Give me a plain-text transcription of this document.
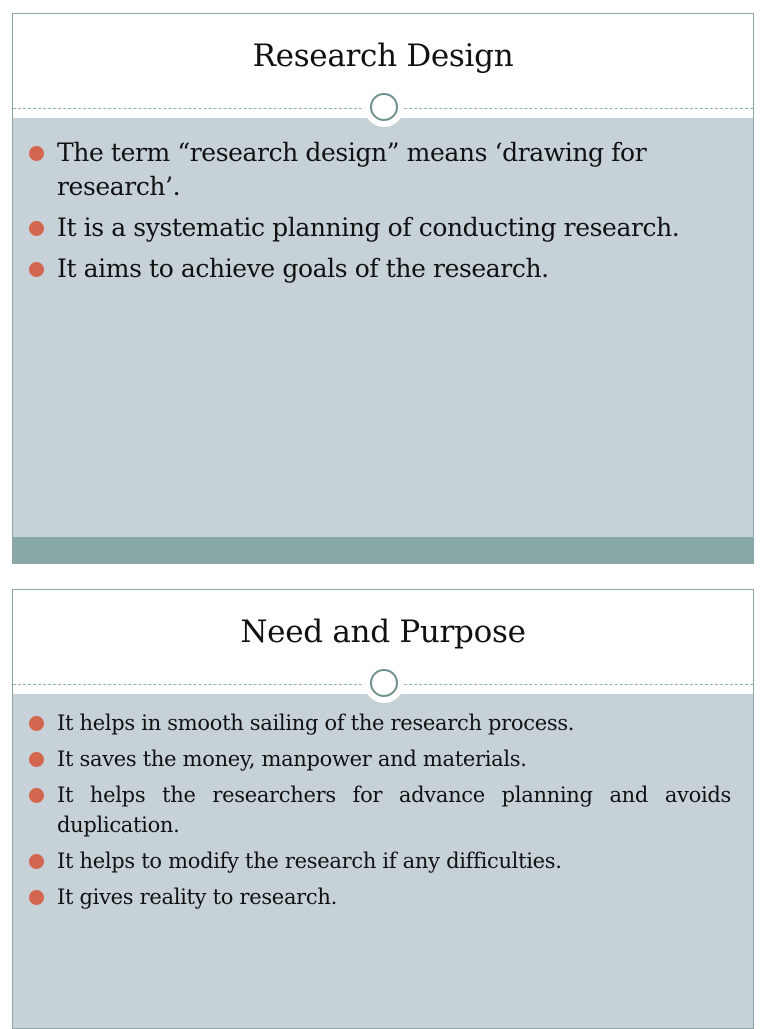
Research Design
The term “research design” means ‘drawing for research’.
It is a systematic planning of conducting research.
It aims to achieve goals of the research.
Need and Purpose
It helps in smooth sailing of the research process.
It saves the money, manpower and materials.
It helps the researchers for advance planning and avoids duplication.
It helps to modify the research if any difficulties.
It gives reality to research.
